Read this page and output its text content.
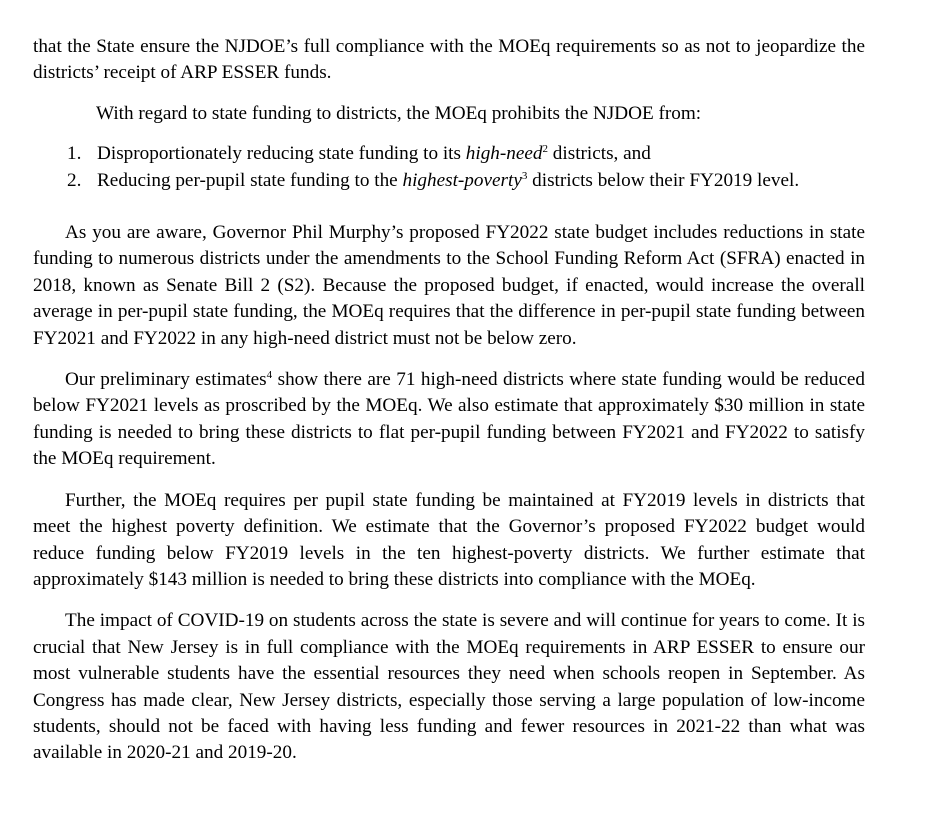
that the State ensure the NJDOE’s full compliance with the MOEq requirements so as not to jeopardize the districts’ receipt of ARP ESSER funds.

With regard to state funding to districts, the MOEq prohibits the NJDOE from:

1. Disproportionately reducing state funding to its high-need$^2$ districts, and
2. Reducing per-pupil state funding to the highest-poverty$^3$ districts below their FY2019 level.

As you are aware, Governor Phil Murphy’s proposed FY2022 state budget includes reductions in state funding to numerous districts under the amendments to the School Funding Reform Act (SFRA) enacted in 2018, known as Senate Bill 2 (S2). Because the proposed budget, if enacted, would increase the overall average in per-pupil state funding, the MOEq requires that the difference in per-pupil state funding between FY2021 and FY2022 in any high-need district must not be below zero.

Our preliminary estimates$^4$ show there are 71 high-need districts where state funding would be reduced below FY2021 levels as proscribed by the MOEq. We also estimate that approximately $30 million in state funding is needed to bring these districts to flat per-pupil funding between FY2021 and FY2022 to satisfy the MOEq requirement.

Further, the MOEq requires per pupil state funding be maintained at FY2019 levels in districts that meet the highest poverty definition. We estimate that the Governor’s proposed FY2022 budget would reduce funding below FY2019 levels in the ten highest-poverty districts. We further estimate that approximately $143 million is needed to bring these districts into compliance with the MOEq.

The impact of COVID-19 on students across the state is severe and will continue for years to come. It is crucial that New Jersey is in full compliance with the MOEq requirements in ARP ESSER to ensure our most vulnerable students have the essential resources they need when schools reopen in September. As Congress has made clear, New Jersey districts, especially those serving a large population of low-income students, should not be faced with having less funding and fewer resources in 2021-22 than what was available in 2020-21 and 2019-20.
